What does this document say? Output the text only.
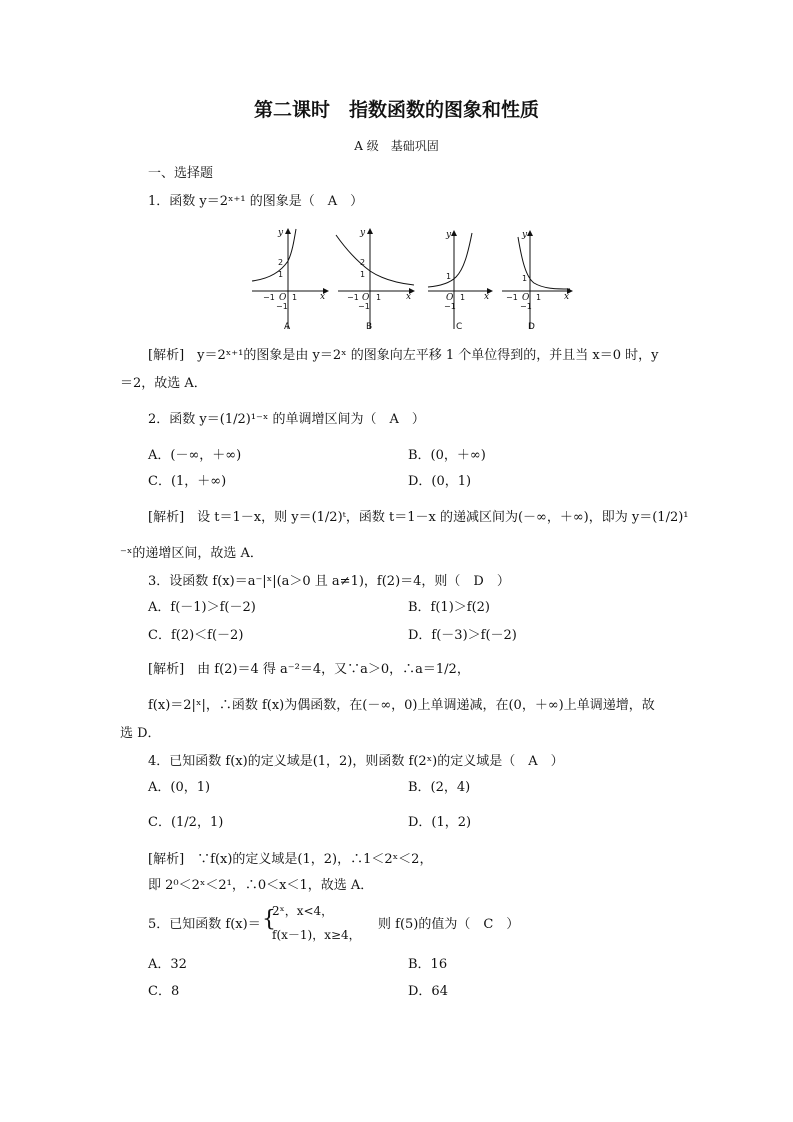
第二课时　指数函数的图象和性质
A 级　基础巩固
一、选择题
1．函数 y＝2ˣ⁺¹ 的图象是（　A　）
y
x
2
1
−1 O 1
−1
A
y
x
2
1
−1 O 1
−1
B
y
x
1
O 1
−1
C
y
x
1
−1 O 1
−1
D
[解析]　y＝2ˣ⁺¹的图象是由 y＝2ˣ 的图象向左平移 1 个单位得到的，并且当 x＝0 时，y
＝2，故选 A．
2．函数 y＝(1/2)¹⁻ˣ 的单调增区间为（　A　）
A．(－∞，＋∞)	B．(0，＋∞)
C．(1，＋∞)	D．(0，1)
[解析]　设 t＝1－x，则 y＝(1/2)ᵗ，函数 t＝1－x 的递减区间为(－∞，＋∞)，即为 y＝(1/2)¹
⁻ˣ的递增区间，故选 A．
3．设函数 f(x)＝a⁻|ˣ|(a＞0 且 a≠1)，f(2)＝4，则（　D　）
A．f(－1)＞f(－2)	B．f(1)＞f(2)
C．f(2)＜f(－2)	D．f(－3)＞f(－2)
[解析]　由 f(2)＝4 得 a⁻²＝4，又∵a＞0，∴a＝1/2，
f(x)＝2|ˣ|，∴函数 f(x)为偶函数，在(－∞，0)上单调递减，在(0，＋∞)上单调递增，故
选 D．
4．已知函数 f(x)的定义域是(1，2)，则函数 f(2ˣ)的定义域是（　A　）
A．(0，1)	B．(2，4)
C．(1/2，1)	D．(1，2)
[解析]　∵f(x)的定义域是(1，2)，∴1＜2ˣ＜2，
即 2⁰＜2ˣ＜2¹，∴0＜x＜1，故选 A．
5．已知函数 f(x)＝ {
2ˣ，x<4，
f(x－1)，x≥4，
则 f(5)的值为（　C　）
A．32	B．16
C．8	D．64
